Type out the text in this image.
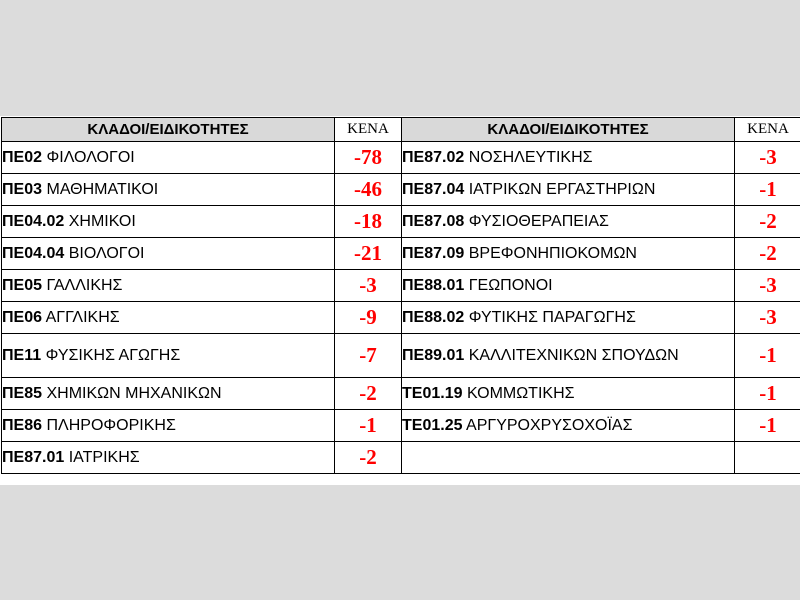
ΚΛΑΔΟΙ/ΕΙΔΙΚΟΤΗΤΕΣ	ΚΕΝΑ	ΚΛΑΔΟΙ/ΕΙΔΙΚΟΤΗΤΕΣ	ΚΕΝΑ
ΠΕ02 ΦΙΛΟΛΟΓΟΙ	-78	ΠΕ87.02 ΝΟΣΗΛΕΥΤΙΚΗΣ	-3
ΠΕ03 ΜΑΘΗΜΑΤΙΚΟΙ	-46	ΠΕ87.04 ΙΑΤΡΙΚΩΝ ΕΡΓΑΣΤΗΡΙΩΝ	-1
ΠΕ04.02 ΧΗΜΙΚΟΙ	-18	ΠΕ87.08 ΦΥΣΙΟΘΕΡΑΠΕΙΑΣ	-2
ΠΕ04.04 ΒΙΟΛΟΓΟΙ	-21	ΠΕ87.09 ΒΡΕΦΟΝΗΠΙΟΚΟΜΩΝ	-2
ΠΕ05 ΓΑΛΛΙΚΗΣ	-3	ΠΕ88.01 ΓΕΩΠΟΝΟΙ	-3
ΠΕ06 ΑΓΓΛΙΚΗΣ	-9	ΠΕ88.02 ΦΥΤΙΚΗΣ ΠΑΡΑΓΩΓΗΣ	-3
ΠΕ11 ΦΥΣΙΚΗΣ ΑΓΩΓΗΣ	-7	ΠΕ89.01 ΚΑΛΛΙΤΕΧΝΙΚΩΝ ΣΠΟΥΔΩΝ	-1
ΠΕ85 ΧΗΜΙΚΩΝ ΜΗΧΑΝΙΚΩΝ	-2	ΤΕ01.19 ΚΟΜΜΩΤΙΚΗΣ	-1
ΠΕ86 ΠΛΗΡΟΦΟΡΙΚΗΣ	-1	ΤΕ01.25 ΑΡΓΥΡΟΧΡΥΣΟΧΟΪΑΣ	-1
ΠΕ87.01 ΙΑΤΡΙΚΗΣ	-2		
